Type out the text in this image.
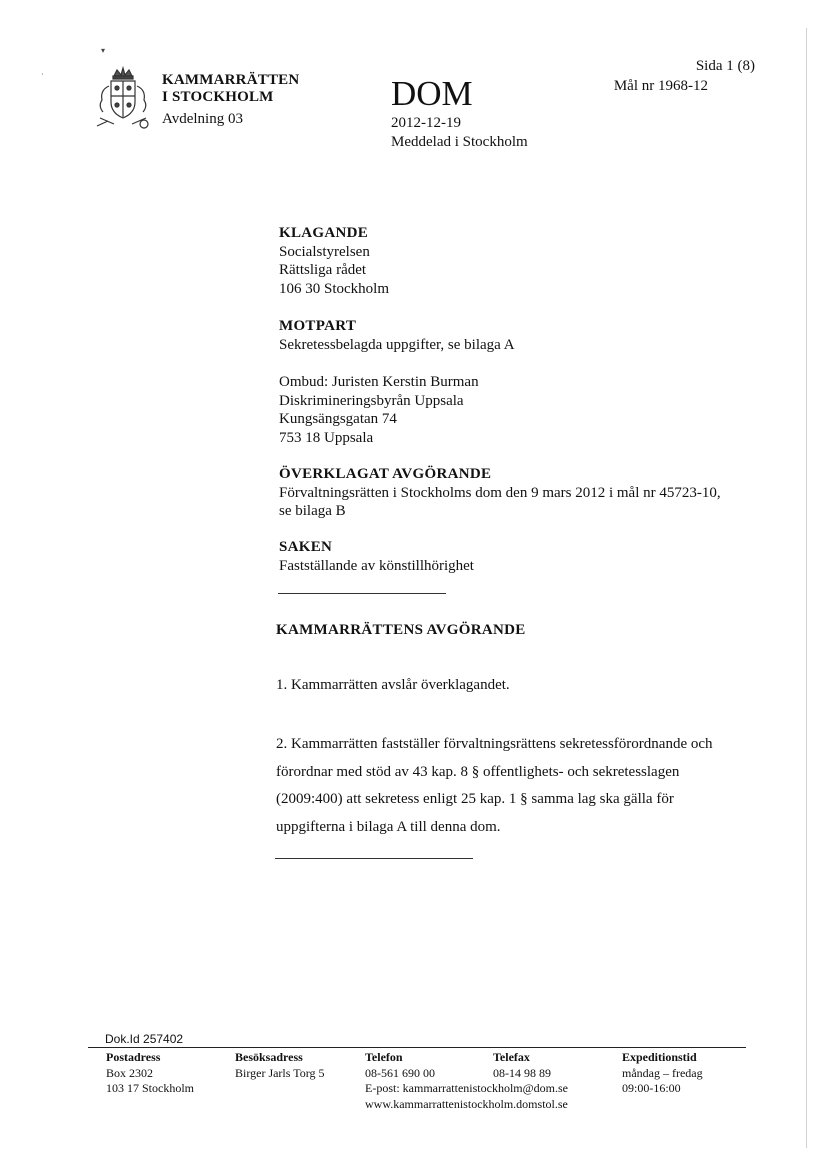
▾
·	KAMMARRÄTTEN
I STOCKHOLM
Avdelning 03
DOM
2012-12-19
Meddelad i Stockholm
Sida 1 (8)
Mål nr 1968-12
KLAGANDE
Socialstyrelsen
Rättsliga rådet
106 30 Stockholm
MOTPART
Sekretessbelagda uppgifter, se bilaga A
Ombud: Juristen Kerstin Burman
Diskrimineringsbyrån Uppsala
Kungsängsgatan 74
753 18 Uppsala
ÖVERKLAGAT AVGÖRANDE
Förvaltningsrätten i Stockholms dom den 9 mars 2012 i mål nr 45723-10,
se bilaga B
SAKEN
Fastställande av könstillhörighet
KAMMARRÄTTENS AVGÖRANDE
1. Kammarrätten avslår överklagandet.
2. Kammarrätten fastställer förvaltningsrättens sekretessförordnande och
förordnar med stöd av 43 kap. 8 § offentlighets- och sekretesslagen
(2009:400) att sekretess enligt 25 kap. 1 § samma lag ska gälla för
uppgifterna i bilaga A till denna dom.
Dok.Id 257402
Postadress
Box 2302
103 17 Stockholm
Besöksadress
Birger Jarls Torg 5
Telefon
08-561 690 00
E-post: kammarrattenistockholm@dom.se
www.kammarrattenistockholm.domstol.se
Telefax
08-14 98 89
Expeditionstid
måndag – fredag
09:00-16:00
